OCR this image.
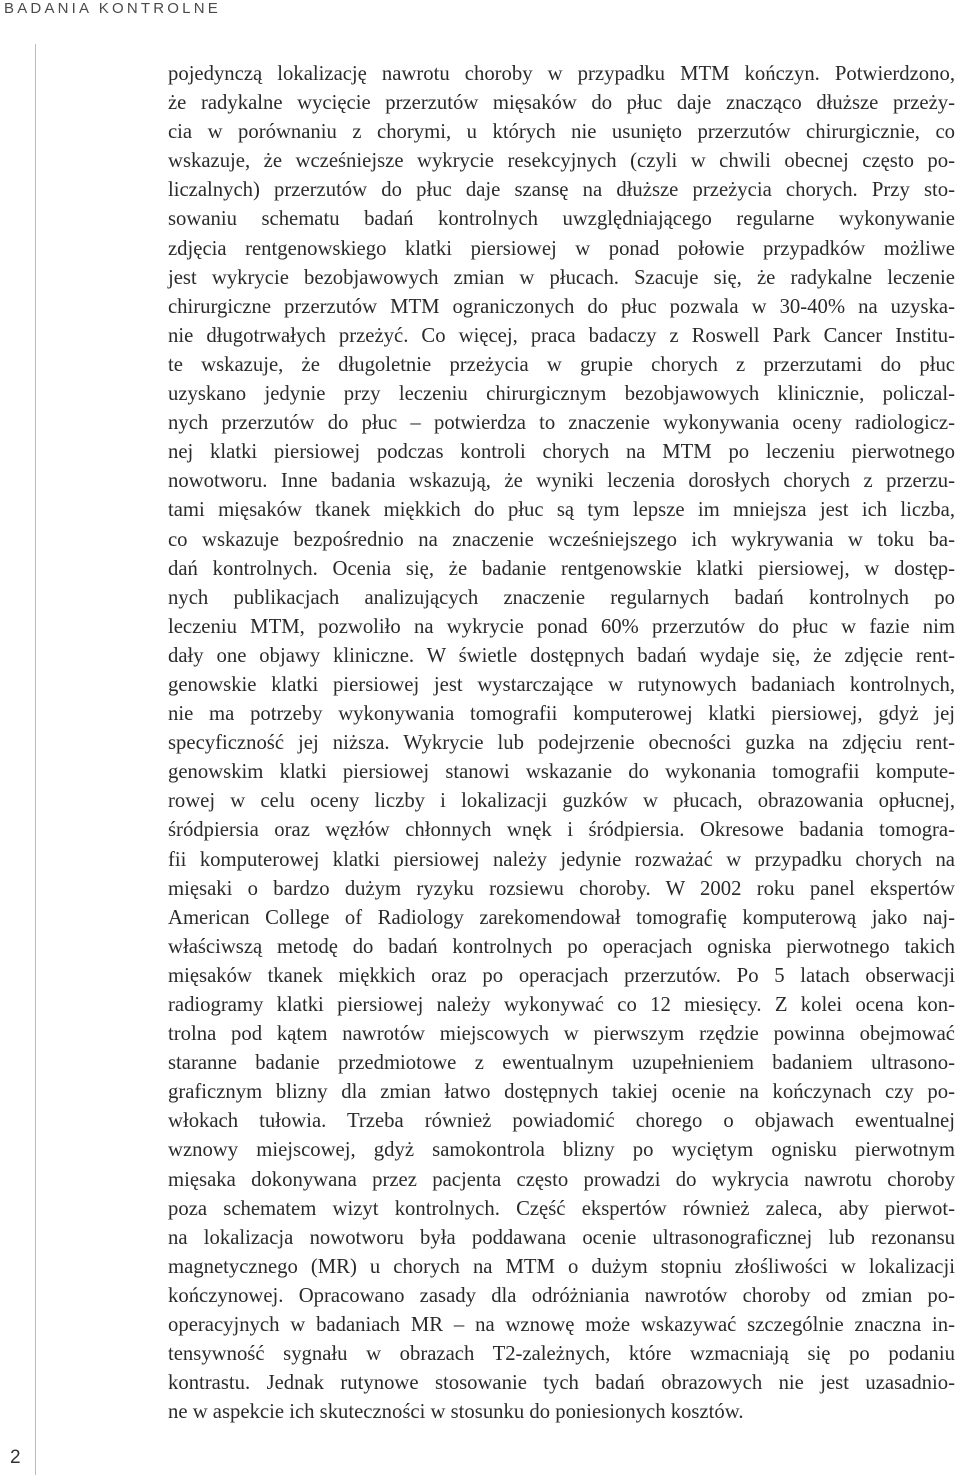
BADANIA KONTROLNE
2

pojedynczą lokalizację nawrotu choroby w przypadku MTM kończyn. Potwierdzono,
że radykalne wycięcie przerzutów mięsaków do płuc daje znacząco dłuższe przeży-
cia w porównaniu z chorymi, u których nie usunięto przerzutów chirurgicznie, co
wskazuje, że wcześniejsze wykrycie resekcyjnych (czyli w chwili obecnej często po-
liczalnych) przerzutów do płuc daje szansę na dłuższe przeżycia chorych. Przy sto-
sowaniu schematu badań kontrolnych uwzględniającego regularne wykonywanie
zdjęcia rentgenowskiego klatki piersiowej w ponad połowie przypadków możliwe
jest wykrycie bezobjawowych zmian w płucach. Szacuje się, że radykalne leczenie
chirurgiczne przerzutów MTM ograniczonych do płuc pozwala w 30-40% na uzyska-
nie długotrwałych przeżyć. Co więcej, praca badaczy z Roswell Park Cancer Institu-
te wskazuje, że długoletnie przeżycia w grupie chorych z przerzutami do płuc
uzyskano jedynie przy leczeniu chirurgicznym bezobjawowych klinicznie, policzal-
nych przerzutów do płuc – potwierdza to znaczenie wykonywania oceny radiologicz-
nej klatki piersiowej podczas kontroli chorych na MTM po leczeniu pierwotnego
nowotworu. Inne badania wskazują, że wyniki leczenia dorosłych chorych z przerzu-
tami mięsaków tkanek miękkich do płuc są tym lepsze im mniejsza jest ich liczba,
co wskazuje bezpośrednio na znaczenie wcześniejszego ich wykrywania w toku ba-
dań kontrolnych. Ocenia się, że badanie rentgenowskie klatki piersiowej, w dostęp-
nych publikacjach analizujących znaczenie regularnych badań kontrolnych po
leczeniu MTM, pozwoliło na wykrycie ponad 60% przerzutów do płuc w fazie nim
dały one objawy kliniczne. W świetle dostępnych badań wydaje się, że zdjęcie rent-
genowskie klatki piersiowej jest wystarczające w rutynowych badaniach kontrolnych,
nie ma potrzeby wykonywania tomografii komputerowej klatki piersiowej, gdyż jej
specyficzność jej niższa. Wykrycie lub podejrzenie obecności guzka na zdjęciu rent-
genowskim klatki piersiowej stanowi wskazanie do wykonania tomografii kompute-
rowej w celu oceny liczby i lokalizacji guzków w płucach, obrazowania opłucnej,
śródpiersia oraz węzłów chłonnych wnęk i śródpiersia. Okresowe badania tomogra-
fii komputerowej klatki piersiowej należy jedynie rozważać w przypadku chorych na
mięsaki o bardzo dużym ryzyku rozsiewu choroby. W 2002 roku panel ekspertów
American College of Radiology zarekomendował tomografię komputerową jako naj-
właściwszą metodę do badań kontrolnych po operacjach ogniska pierwotnego takich
mięsaków tkanek miękkich oraz po operacjach przerzutów. Po 5 latach obserwacji
radiogramy klatki piersiowej należy wykonywać co 12 miesięcy. Z kolei ocena kon-
trolna pod kątem nawrotów miejscowych w pierwszym rzędzie powinna obejmować
staranne badanie przedmiotowe z ewentualnym uzupełnieniem badaniem ultrasono-
graficznym blizny dla zmian łatwo dostępnych takiej ocenie na kończynach czy po-
włokach tułowia. Trzeba również powiadomić chorego o objawach ewentualnej
wznowy miejscowej, gdyż samokontrola blizny po wyciętym ognisku pierwotnym
mięsaka dokonywana przez pacjenta często prowadzi do wykrycia nawrotu choroby
poza schematem wizyt kontrolnych. Część ekspertów również zaleca, aby pierwot-
na lokalizacja nowotworu była poddawana ocenie ultrasonograficznej lub rezonansu
magnetycznego (MR) u chorych na MTM o dużym stopniu złośliwości w lokalizacji
kończynowej. Opracowano zasady dla odróżniania nawrotów choroby od zmian po-
operacyjnych w badaniach MR – na wznowę może wskazywać szczególnie znaczna in-
tensywność sygnału w obrazach T2-zależnych, które wzmacniają się po podaniu
kontrastu. Jednak rutynowe stosowanie tych badań obrazowych nie jest uzasadnio-
ne w aspekcie ich skuteczności w stosunku do poniesionych kosztów.
